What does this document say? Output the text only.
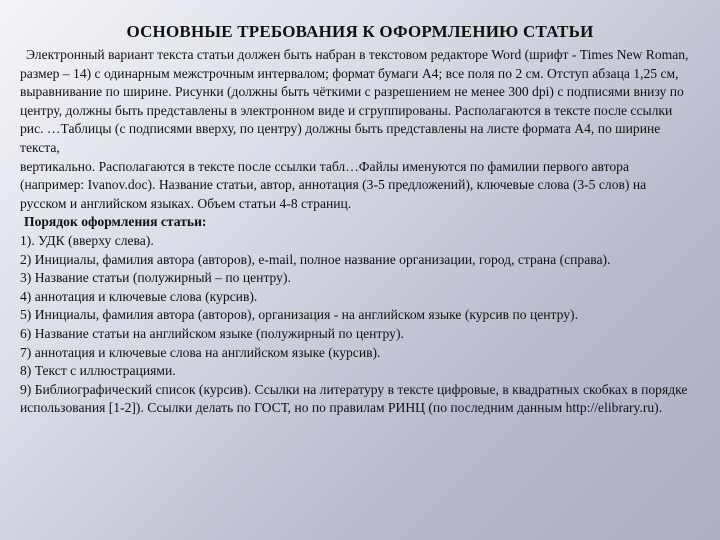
ОСНОВНЫЕ ТРЕБОВАНИЯ К ОФОРМЛЕНИЮ СТАТЬИ

Электронный вариант текста статьи должен быть набран в текстовом редакторе Word (шрифт - Times New Roman, размер – 14) с одинарным межстрочным интервалом; формат бумаги А4; все поля по 2 см. Отступ абзаца 1,25 см, выравнивание по ширине. Рисунки (должны быть чёткими с разрешением не менее 300 dpi) с подписями внизу по центру, должны быть представлены в электронном виде и сгруппированы. Располагаются в тексте после ссылки рис. …Таблицы (с подписями вверху, по центру) должны быть представлены на листе формата А4, по ширине текста,

вертикально. Располагаются в тексте после ссылки табл…Файлы именуются по фамилии первого автора (например: Ivanov.doc). Название статьи, автор, аннотация (3-5 предложений), ключевые слова (3-5 слов) на русском и английском языках. Объем статьи 4-8 страниц.

Порядок оформления статьи:

1). УДК (вверху слева).

2) Инициалы, фамилия автора (авторов), e-mail, полное название организации, город, страна (справа).

3) Название статьи (полужирный – по центру).

4) аннотация и ключевые слова (курсив).

5) Инициалы, фамилия автора (авторов), организация - на английском языке (курсив по центру).

6) Название статьи на английском языке (полужирный по центру).

7) аннотация и ключевые слова на английском языке (курсив).

8) Текст с иллюстрациями.

9) Библиографический список (курсив). Ссылки на литературу в тексте цифровые, в квадратных скобках в порядке использования [1-2]). Ссылки делать по ГОСТ, но по правилам РИНЦ (по последним данным http://elibrary.ru).
